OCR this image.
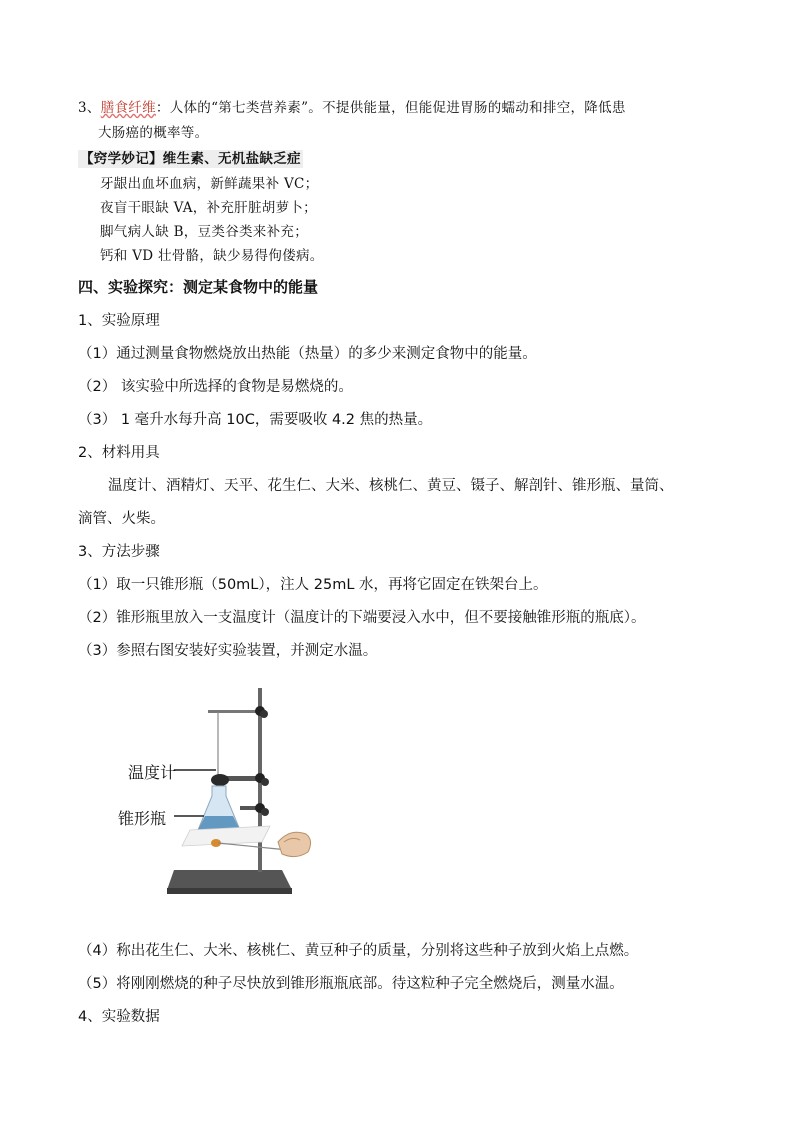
3、膳食纤维：人体的“第七类营养素”。不提供能量，但能促进胃肠的蠕动和排空，降低患
大肠癌的概率等。
【窍学妙记】维生素、无机盐缺乏症
牙龈出血坏血病，新鲜蔬果补 VC；
夜盲干眼缺 VA，补充肝脏胡萝卜；
脚气病人缺 B，豆类谷类来补充；
钙和 VD 壮骨骼，缺少易得佝偻病。
四、实验探究：测定某食物中的能量
1、实验原理
（1）通过测量食物燃烧放出热能（热量）的多少来测定食物中的能量。
（2） 该实验中所选择的食物是易燃烧的。
（3） 1 毫升水每升高 10C，需要吸收 4.2 焦的热量。
2、材料用具
温度计、酒精灯、天平、花生仁、大米、核桃仁、黄豆、镊子、解剖针、锥形瓶、量筒、
滴管、火柴。
3、方法步骤
（1）取一只锥形瓶（50mL），注人 25mL 水，再将它固定在铁架台上。
（2）锥形瓶里放入一支温度计（温度计的下端要浸入水中，但不要接触锥形瓶的瓶底）。
（3）参照右图安装好实验装置，并测定水温。
温度计
锥形瓶
（4）称出花生仁、大米、核桃仁、黄豆种子的质量，分别将这些种子放到火焰上点燃。
（5）将刚刚燃烧的种子尽快放到锥形瓶瓶底部。待这粒种子完全燃烧后，测量水温。
4、实验数据
